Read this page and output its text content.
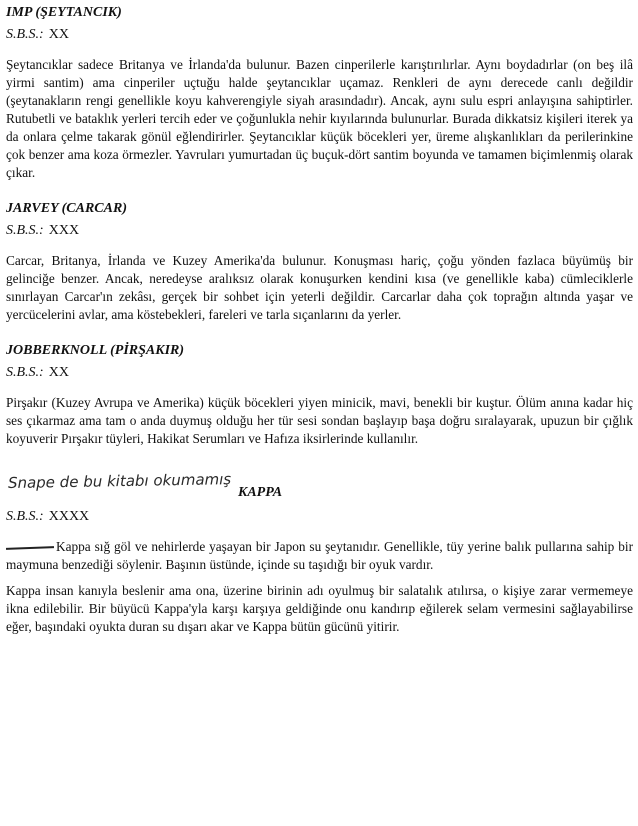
IMP (ŞEYTANCIK)

S.B.S.: XX

Şeytancıklar sadece Britanya ve İrlanda'da bulunur. Bazen cinperilerle karıştırılırlar. Aynı boydadırlar (on beş ilâ yirmi santim) ama cinperiler uçtuğu halde şeytancıklar uçamaz. Renkleri de aynı derecede canlı değildir (şeytanakların rengi genellikle koyu kahverengiyle siyah arasındadır). Ancak, aynı sulu espri anlayışına sahiptirler. Rutubetli ve bataklık yerleri tercih eder ve çoğunlukla nehir kıyılarında bulunurlar. Burada dikkatsiz kişileri iterek ya da onlara çelme takarak gönül eğlendirirler. Şeytancıklar küçük böcekleri yer, üreme alışkanlıkları da perilerinkine çok benzer ama koza örmezler. Yavruları yumurtadan üç buçuk-dört santim boyunda ve tamamen biçimlenmiş olarak çıkar.

JARVEY (CARCAR)

S.B.S.: XXX

Carcar, Britanya, İrlanda ve Kuzey Amerika'da bulunur. Konuşması hariç, çoğu yönden fazlaca büyümüş bir gelinciğe benzer. Ancak, neredeyse aralıksız olarak konuşurken kendini kısa (ve genellikle kaba) cümleciklerle sınırlayan Carcar'ın zekâsı, gerçek bir sohbet için yeterli değildir. Carcarlar daha çok toprağın altında yaşar ve yercücelerini avlar, ama köstebekleri, fareleri ve tarla sıçanlarını da yerler.

JOBBERKNOLL (PİRŞAKIR)

S.B.S.: XX

Pirşakır (Kuzey Avrupa ve Amerika) küçük böcekleri yiyen minicik, mavi, benekli bir kuştur. Ölüm anına kadar hiç ses çıkarmaz ama tam o anda duymuş olduğu her tür sesi sondan başlayıp başa doğru sıralayarak, upuzun bir çığlık koyuverir Pırşakır tüyleri, Hakikat Serumları ve Hafıza iksirlerinde kullanılır.

Snape de bu kitabı okumamış

KAPPA

S.B.S.: XXXX

Kappa sığ göl ve nehirlerde yaşayan bir Japon su şeytanıdır. Genellikle, tüy yerine balık pullarına sahip bir maymuna benzediği söylenir. Başının üstünde, içinde su taşıdığı bir oyuk vardır.

Kappa insan kanıyla beslenir ama ona, üzerine birinin adı oyulmuş bir salatalık atılırsa, o kişiye zarar vermemeye ikna edilebilir. Bir büyücü Kappa'yla karşı karşıya geldiğinde onu kandırıp eğilerek selam vermesini sağlayabilirse eğer, başındaki oyukta duran su dışarı akar ve Kappa bütün gücünü yitirir.
